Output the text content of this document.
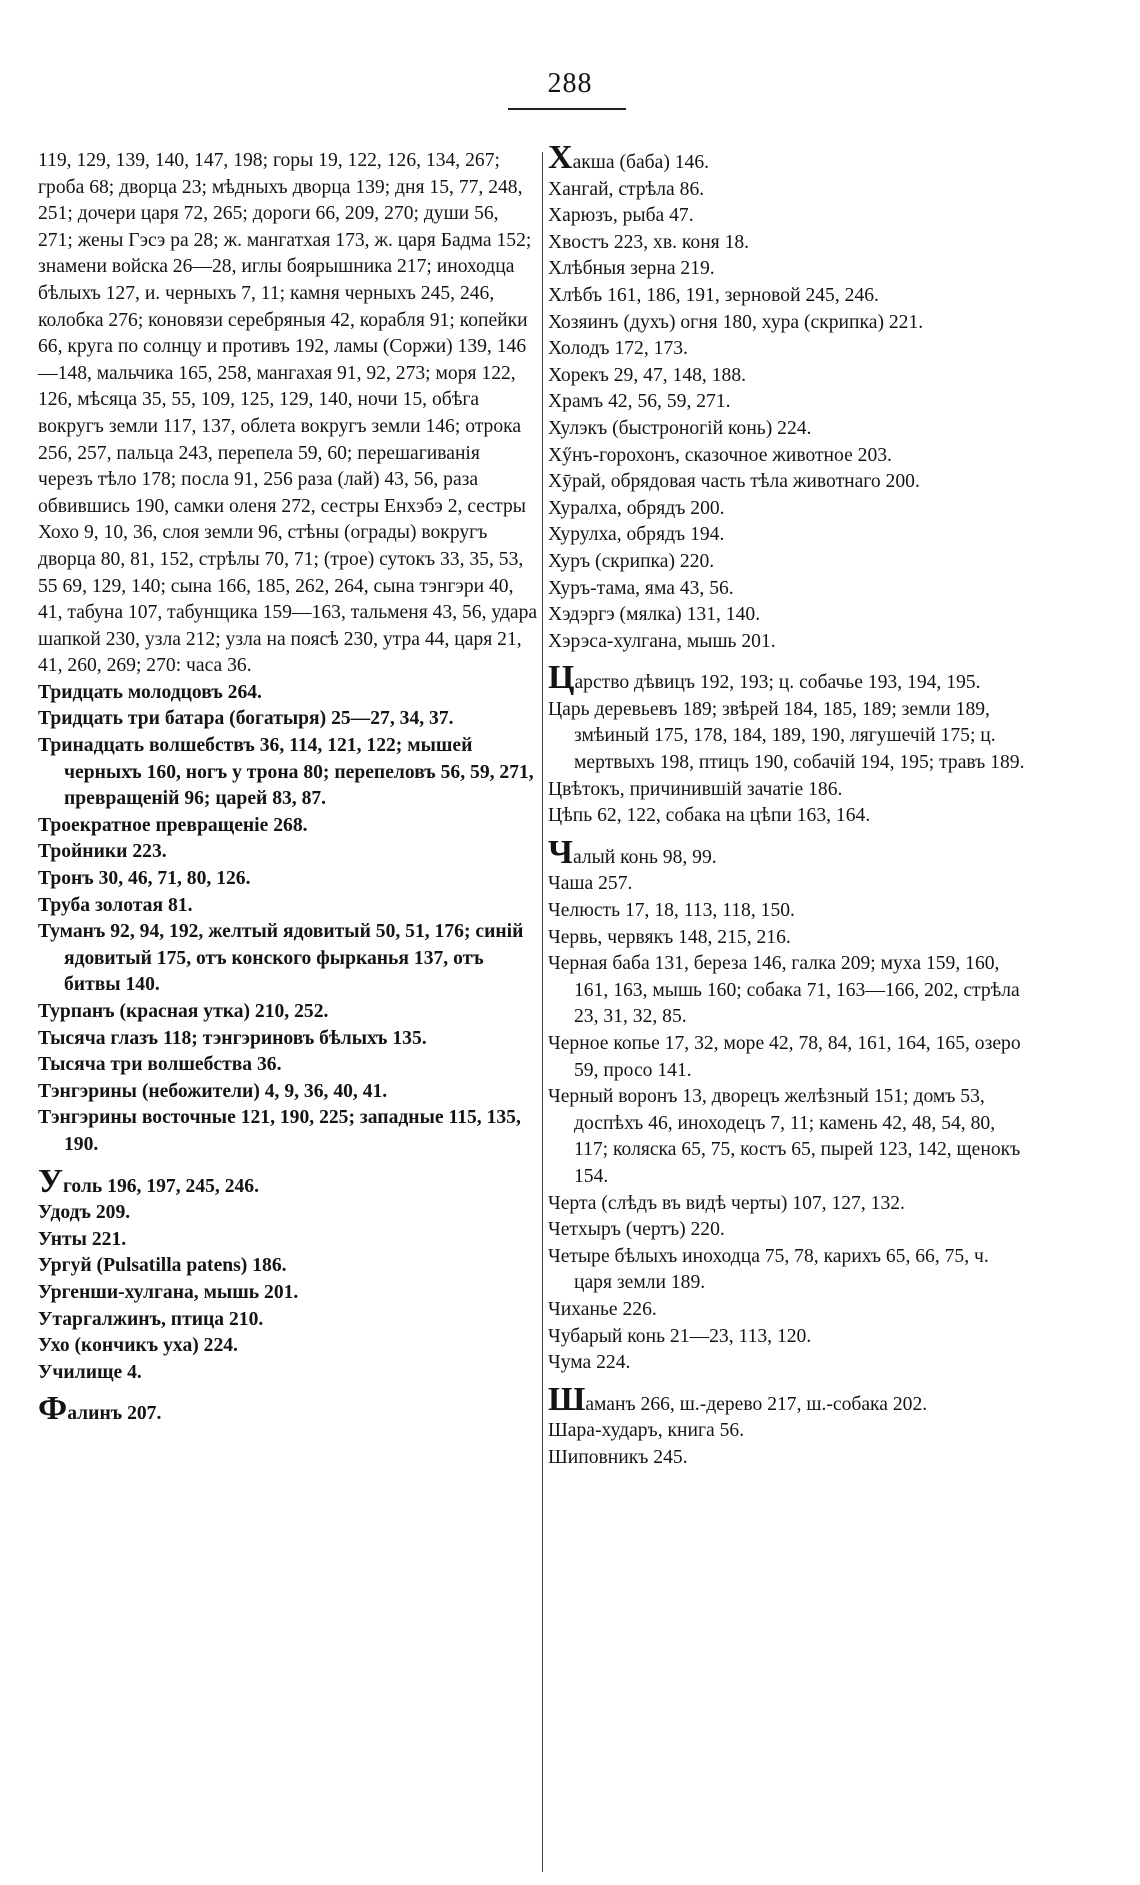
288

119, 129, 139, 140, 147, 198; горы 19, 122, 126, 134, 267; гроба 68; дворца 23; мѣдныхъ дворца 139; дня 15, 77, 248, 251; дочери царя 72, 265; дороги 66, 209, 270; души 56, 271; жены Гэсэ ра 28; ж. мангатхая 173, ж. царя Бадма 152; знамени войска 26—28, иглы боярышника 217; иноходца бѣлыхъ 127, и. черныхъ 7, 11; камня черныхъ 245, 246, колобка 276; коновязи серебряныя 42, корабля 91; копейки 66, круга по солнцу и противъ 192, ламы (Соржи) 139, 146—148, мальчика 165, 258, мангахая 91, 92, 273; моря 122, 126, мѣсяца 35, 55, 109, 125, 129, 140, ночи 15, обѣга вокругъ земли 117, 137, облета вокругъ земли 146; отрока 256, 257, пальца 243, перепела 59, 60; перешагиванія черезъ тѣло 178; посла 91, 256 раза (лай) 43, 56, раза обвившись 190, самки оленя 272, сестры Енхэбэ 2, сестры Хохо 9, 10, 36, слоя земли 96, стѣны (ограды) вокругъ дворца 80, 81, 152, стрѣлы 70, 71; (трое) сутокъ 33, 35, 53, 55 69, 129, 140; сына 166, 185, 262, 264, сына тэнгэри 40, 41, табуна 107, табунщика 159—163, тальменя 43, 56, удара шапкой 230, узла 212; узла на поясѣ 230, утра 44, царя 21, 41, 260, 269; 270: часа 36.

Тридцать молодцовъ 264.

Тридцать три батара (богатыря) 25—27, 34, 37.

Тринадцать волшебствъ 36, 114, 121, 122; мышей черныхъ 160, ногъ у трона 80; перепеловъ 56, 59, 271, превращеній 96; царей 83, 87.

Троекратное превращеніе 268.

Тройники 223.

Тронъ 30, 46, 71, 80, 126.

Труба золотая 81.

Туманъ 92, 94, 192, желтый ядовитый 50, 51, 176; синій ядовитый 175, отъ конского фырканья 137, отъ битвы 140.

Турпанъ (красная утка) 210, 252.

Тысяча глазъ 118; тэнгэриновъ бѣлыхъ 135.

Тысяча три волшебства 36.

Тэнгэрины (небожители) 4, 9, 36, 40, 41.

Тэнгэрины восточные 121, 190, 225; западные 115, 135, 190.

Уголь 196, 197, 245, 246.

Удодъ 209.

Унты 221.

Ургуй (Pulsatilla patens) 186.

Ургенши-хулгана, мышь 201.

Утаргалжинъ, птица 210.

Ухо (кончикъ уха) 224.

Училище 4.

Фалинъ 207.

Хакша (баба) 146.

Хангай, стрѣла 86.

Харюзъ, рыба 47.

Хвостъ 223, хв. коня 18.

Хлѣбныя зерна 219.

Хлѣбъ 161, 186, 191, зерновой 245, 246.

Хозяинъ (духъ) огня 180, хура (скрипка) 221.

Холодъ 172, 173.

Хорекъ 29, 47, 148, 188.

Храмъ 42, 56, 59, 271.

Хулэкъ (быстроногій конь) 224.

Хӳнъ-горохонъ, сказочное животное 203.

Хӯрай, обрядовая часть тѣла животнаго 200.

Хуралха, обрядъ 200.

Хурулха, обрядъ 194.

Хуръ (скрипка) 220.

Хуръ-тама, яма 43, 56.

Хэдэргэ (мялка) 131, 140.

Хэрэса-хулгана, мышь 201.

Царство дѣвицъ 192, 193; ц. собачье 193, 194, 195.

Царь деревьевъ 189; звѣрей 184, 185, 189; земли 189, змѣиный 175, 178, 184, 189, 190, лягушечій 175; ц. мертвыхъ 198, птицъ 190, собачій 194, 195; травъ 189.

Цвѣтокъ, причинившій зачатіе 186.

Цѣпь 62, 122, собака на цѣпи 163, 164.

Чалый конь 98, 99.

Чаша 257.

Челюсть 17, 18, 113, 118, 150.

Червь, червякъ 148, 215, 216.

Черная баба 131, береза 146, галка 209; муха 159, 160, 161, 163, мышь 160; собака 71, 163—166, 202, стрѣла 23, 31, 32, 85.

Черное копье 17, 32, море 42, 78, 84, 161, 164, 165, озеро 59, просо 141.

Черный воронъ 13, дворецъ желѣзный 151; домъ 53, доспѣхъ 46, иноходецъ 7, 11; камень 42, 48, 54, 80, 117; коляска 65, 75, костъ 65, пырей 123, 142, щенокъ 154.

Черта (слѣдъ въ видѣ черты) 107, 127, 132.

Четхыръ (чертъ) 220.

Четыре бѣлыхъ иноходца 75, 78, карихъ 65, 66, 75, ч. царя земли 189.

Чиханье 226.

Чубарый конь 21—23, 113, 120.

Чума 224.

Шаманъ 266, ш.-дерево 217, ш.-собака 202.

Шара-хударъ, книга 56.

Шиповникъ 245.
